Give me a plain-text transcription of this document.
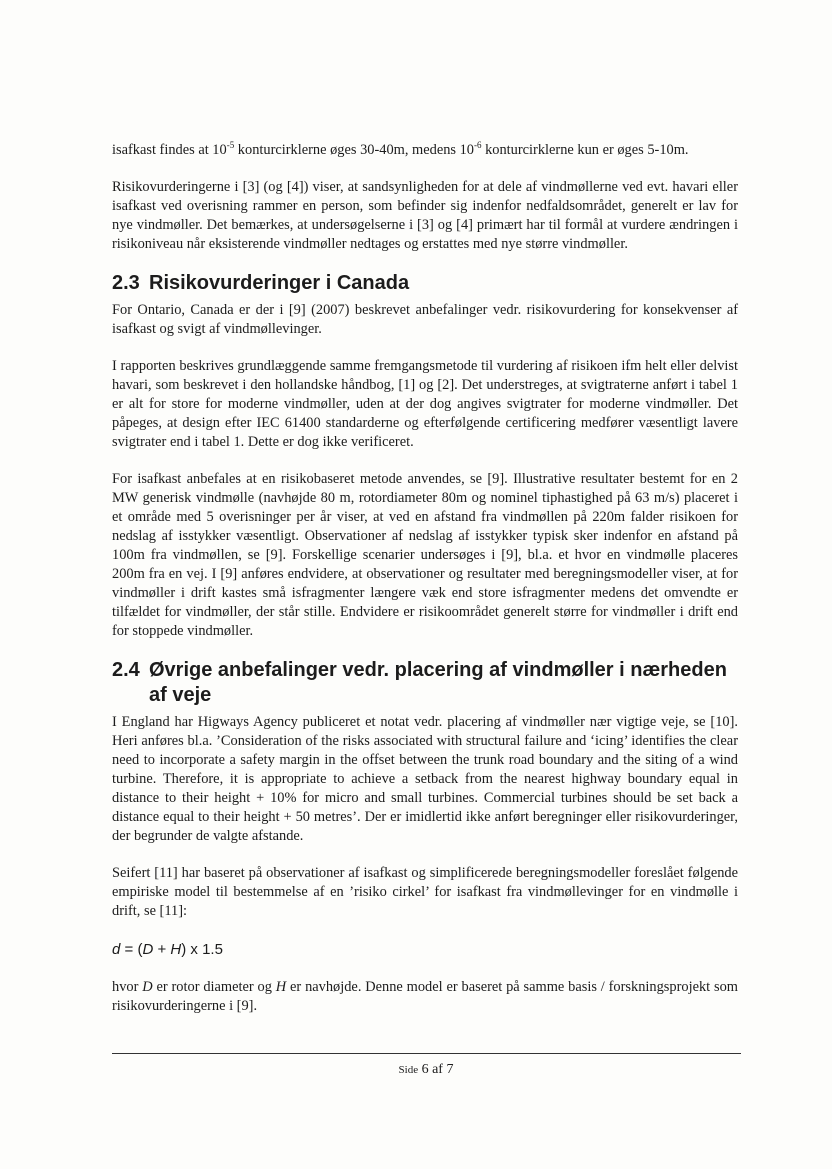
isafkast findes at $10^{-5}$ konturcirklerne øges 30-40m, medens $10^{-6}$ konturcirklerne kun er øges 5-10m.

Risikovurderingerne i [3] (og [4]) viser, at sandsynligheden for at dele af vindmøllerne ved evt. havari eller isafkast ved overisning rammer en person, som befinder sig indenfor nedfaldsområdet, generelt er lav for nye vindmøller. Det bemærkes, at undersøgelserne i [3] og [4] primært har til formål at vurdere ændringen i risikoniveau når eksisterende vindmøller nedtages og erstattes med nye større vindmøller.

2.3 Risikovurderinger i Canada

For Ontario, Canada er der i [9] (2007) beskrevet anbefalinger vedr. risikovurdering for konsekvenser af isafkast og svigt af vindmøllevinger.

I rapporten beskrives grundlæggende samme fremgangsmetode til vurdering af risikoen ifm helt eller delvist havari, som beskrevet i den hollandske håndbog, [1] og [2]. Det understreges, at svigtraterne anført i tabel 1 er alt for store for moderne vindmøller, uden at der dog angives svigtrater for moderne vindmøller. Det påpeges, at design efter IEC 61400 standarderne og efterfølgende certificering medfører væsentligt lavere svigtrater end i tabel 1. Dette er dog ikke verificeret.

For isafkast anbefales at en risikobaseret metode anvendes, se [9]. Illustrative resultater bestemt for en 2 MW generisk vindmølle (navhøjde 80 m, rotordiameter 80m og nominel tiphastighed på 63 m/s) placeret i et område med 5 overisninger per år viser, at ved en afstand fra vindmøllen på 220m falder risikoen for nedslag af isstykker væsentligt. Observationer af nedslag af isstykker typisk sker indenfor en afstand på 100m fra vindmøllen, se [9]. Forskellige scenarier undersøges i [9], bl.a. et hvor en vindmølle placeres 200m fra en vej. I [9] anføres endvidere, at observationer og resultater med beregningsmodeller viser, at for vindmøller i drift kastes små isfragmenter længere væk end store isfragmenter medens det omvendte er tilfældet for vindmøller, der står stille. Endvidere er risikoområdet generelt større for vindmøller i drift end for stoppede vindmøller.

2.4 Øvrige anbefalinger vedr. placering af vindmøller i nærheden af veje

I England har Higways Agency publiceret et notat vedr. placering af vindmøller nær vigtige veje, se [10]. Heri anføres bl.a. ’Consideration of the risks associated with structural failure and ‘icing’ identifies the clear need to incorporate a safety margin in the offset between the trunk road boundary and the siting of a wind turbine. Therefore, it is appropriate to achieve a setback from the nearest highway boundary equal in distance to their height + 10% for micro and small turbines. Commercial turbines should be set back a distance equal to their height + 50 metres’. Der er imidlertid ikke anført beregninger eller risikovurderinger, der begrunder de valgte afstande.

Seifert [11] har baseret på observationer af isafkast og simplificerede beregningsmodeller foreslået følgende empiriske model til bestemmelse af en ’risiko cirkel’ for isafkast fra vindmøllevinger for en vindmølle i drift, se [11]:

d = (D + H) x 1.5

hvor D er rotor diameter og H er navhøjde. Denne model er baseret på samme basis / forskningsprojekt som risikovurderingerne i [9].

Side 6 af 7
